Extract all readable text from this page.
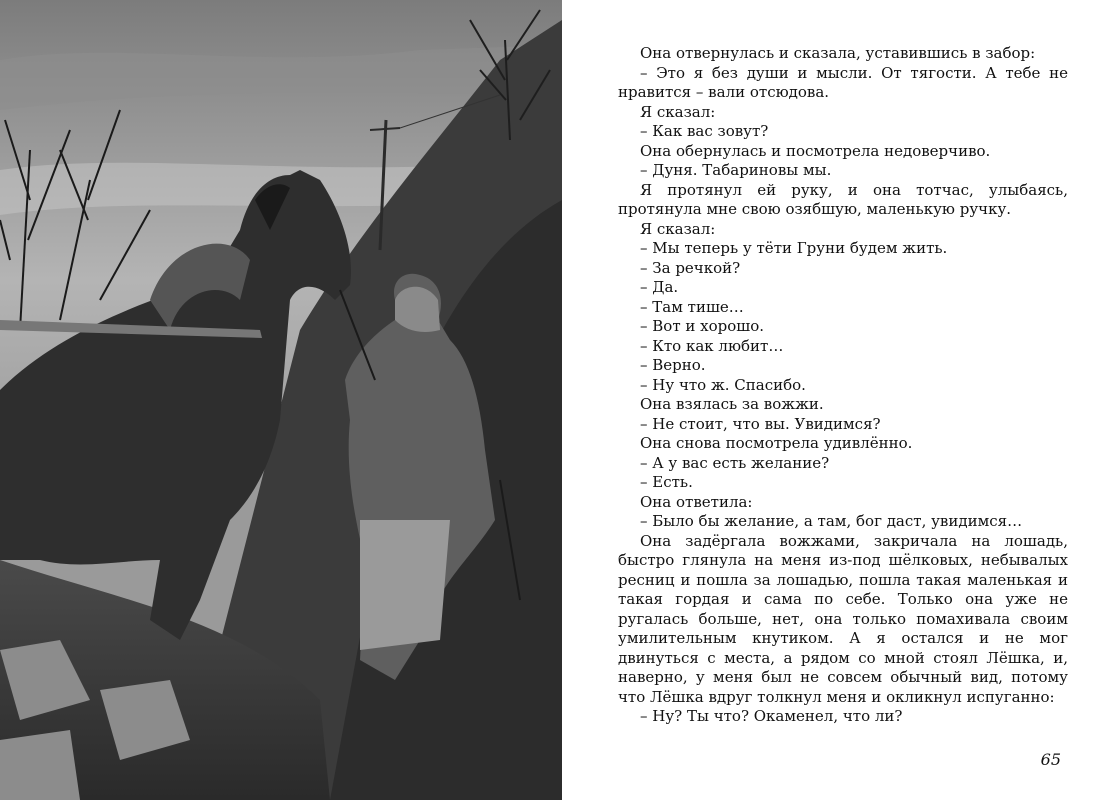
Она отвернулась и сказала, уставившись в забор:

– Это я без души и мысли. От тягости. А тебе не нравится – вали отсюдова.

Я сказал:

– Как вас зовут?

Она обернулась и посмотрела недоверчиво.

– Дуня. Табариновы мы.

Я протянул ей руку, и она тотчас, улыбаясь, протянула мне свою озябшую, маленькую ручку.

Я сказал:

– Мы теперь у тёти Груни будем жить.

– За речкой?

– Да.

– Там тише…

– Вот и хорошо.

– Кто как любит…

– Верно.

– Ну что ж. Спасибо.

Она взялась за вожжи.

– Не стоит, что вы. Увидимся?

Она снова посмотрела удивлённо.

– А у вас есть желание?

– Есть.

Она ответила:

– Было бы желание, а там, бог даст, увидимся…

Она задёргала вожжами, закричала на лошадь, быстро глянула на меня из-под шёлковых, небывалых ресниц и пошла за лошадью, пошла такая маленькая и такая гордая и сама по себе. Только она уже не ругалась больше, нет, она только помахивала своим умилительным кнутиком. А я остался и не мог двинуться с места, а рядом со мной стоял Лёшка, и, наверно, у меня был не совсем обычный вид, потому что Лёшка вдруг толкнул меня и окликнул испуганно:

– Ну? Ты что? Окаменел, что ли?

65
